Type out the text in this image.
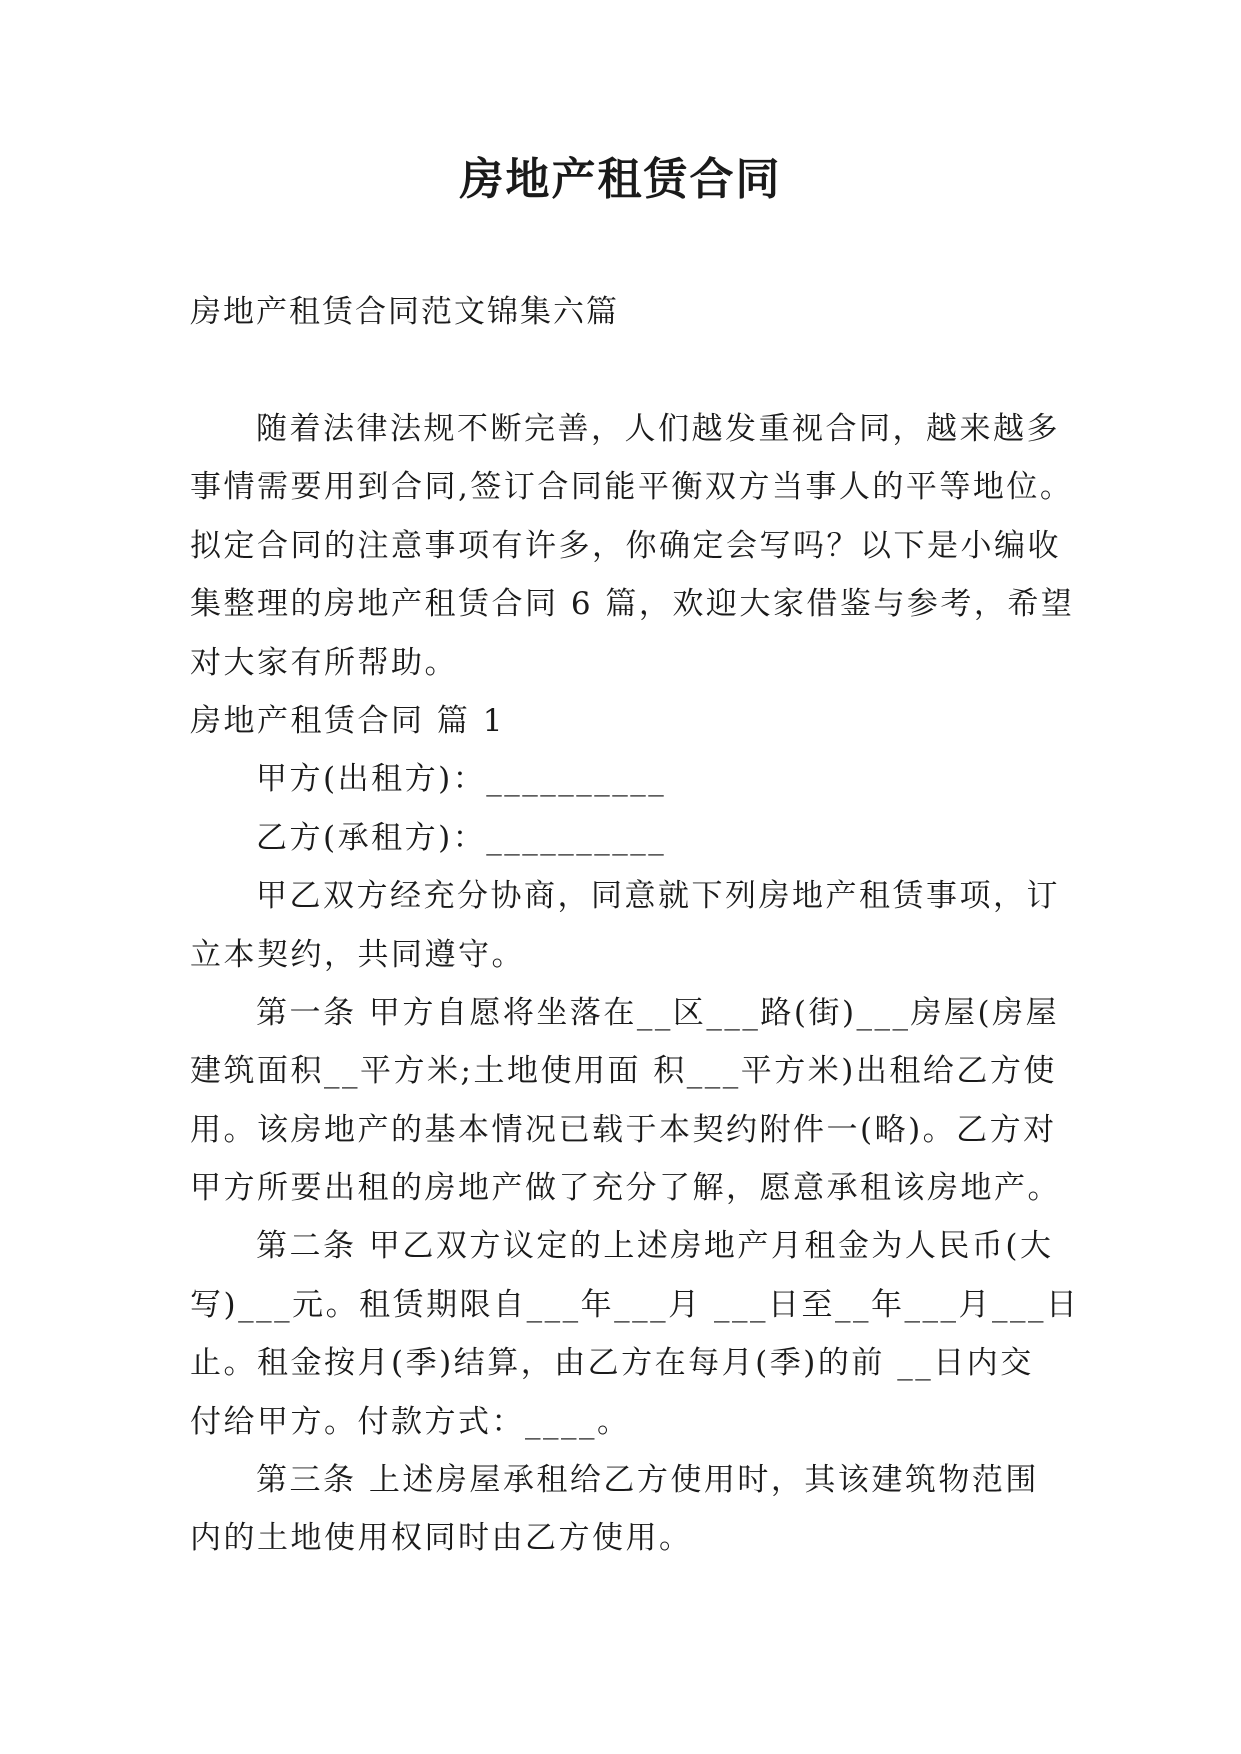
房地产租赁合同
房地产租赁合同范文锦集六篇
随着法律法规不断完善，人们越发重视合同，越来越多
事情需要用到合同,签订合同能平衡双方当事人的平等地位。
拟定合同的注意事项有许多，你确定会写吗？以下是小编收
集整理的房地产租赁合同 6 篇，欢迎大家借鉴与参考，希望
对大家有所帮助。
房地产租赁合同 篇 1
甲方(出租方)：__________
乙方(承租方)：__________
甲乙双方经充分协商，同意就下列房地产租赁事项，订
立本契约，共同遵守。
第一条 甲方自愿将坐落在__区___路(街)___房屋(房屋
建筑面积__平方米;土地使用面 积___平方米)出租给乙方使
用。该房地产的基本情况已载于本契约附件一(略)。乙方对
甲方所要出租的房地产做了充分了解，愿意承租该房地产。
第二条 甲乙双方议定的上述房地产月租金为人民币(大
写)___元。租赁期限自___年___月 ___日至__年___月___日
止。租金按月(季)结算，由乙方在每月(季)的前 __日内交
付给甲方。付款方式：____。
第三条 上述房屋承租给乙方使用时，其该建筑物范围
内的土地使用权同时由乙方使用。
